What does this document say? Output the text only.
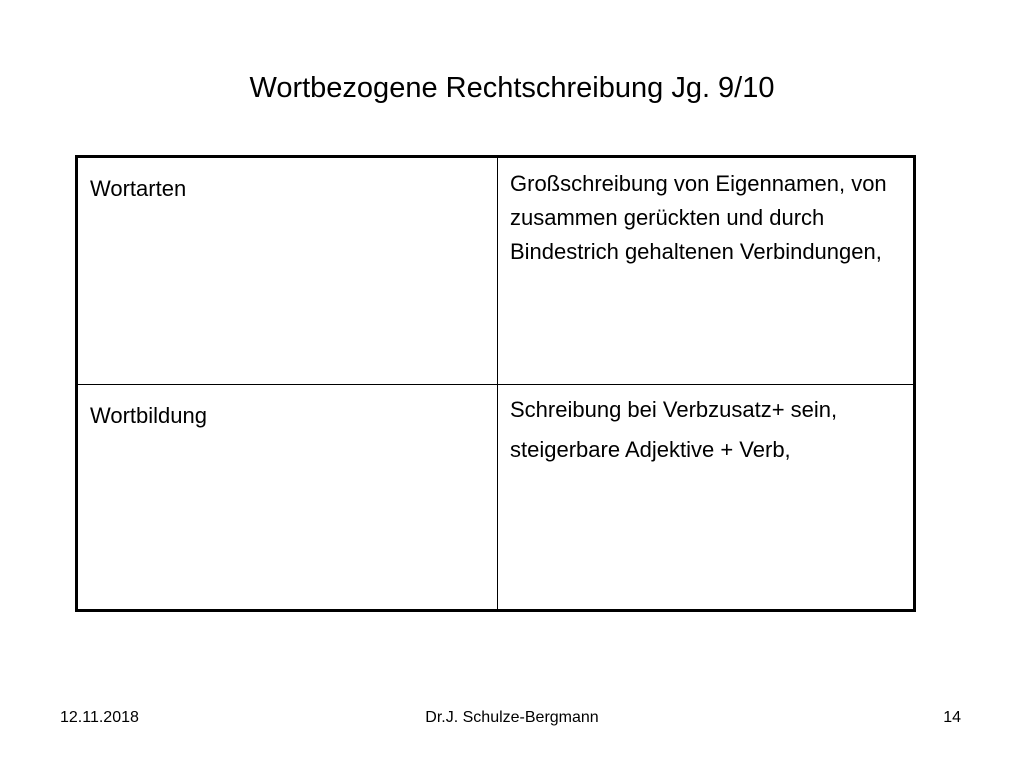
Wortbezogene Rechtschreibung Jg. 9/10
Wortarten	Großschreibung von Eigennamen, von zusammen gerückten und durch Bindestrich gehaltenen Verbindungen,

Wortbildung	Schreibung bei Verbzusatz+ sein,
steigerbare Adjektive + Verb,
12.11.2018	Dr.J. Schulze-Bergmann	14
